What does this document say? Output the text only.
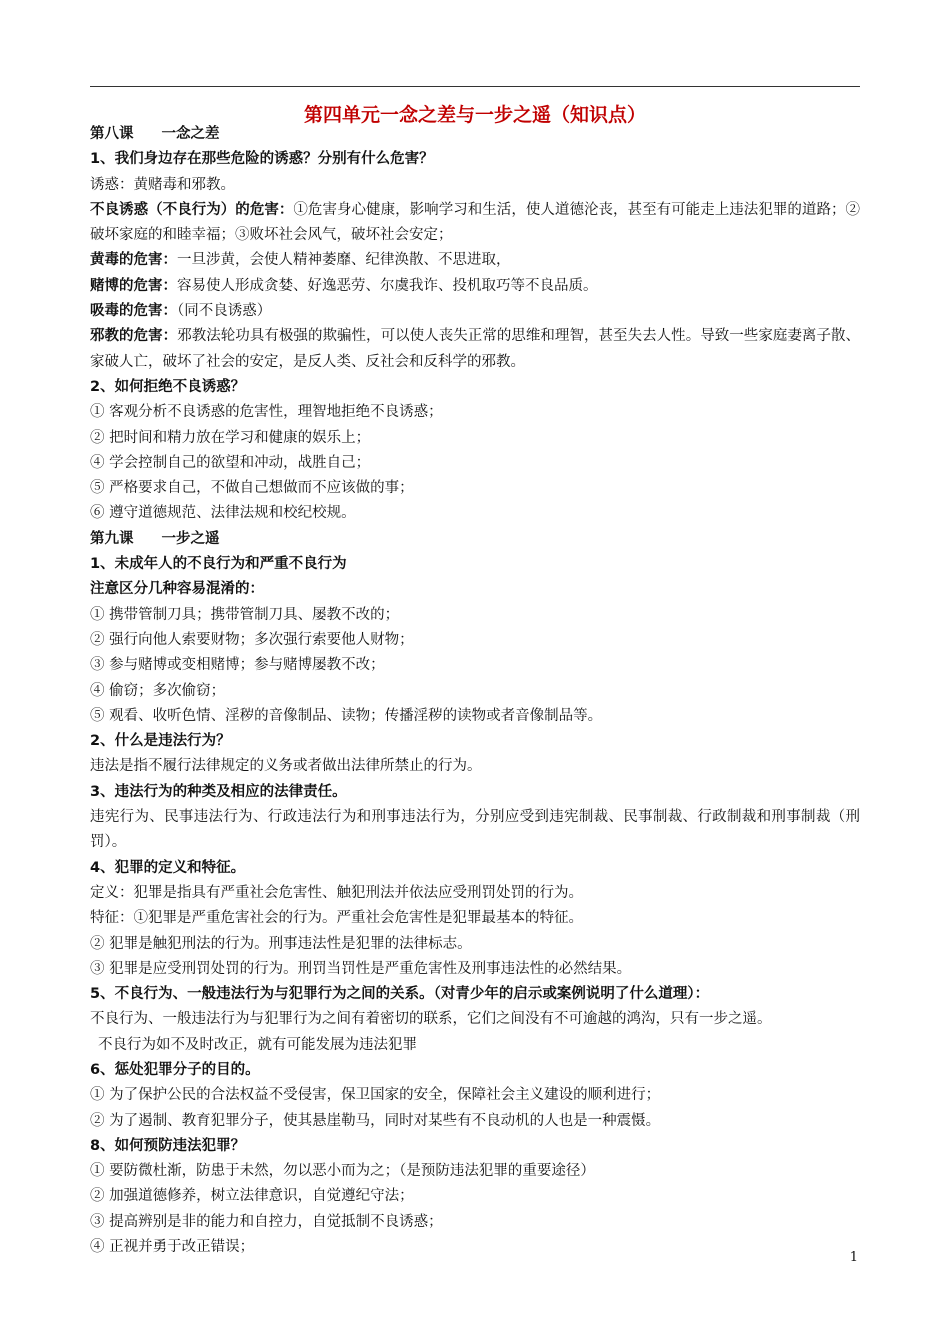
第四单元一念之差与一步之遥（知识点）
第八课 一念之差
1、我们身边存在那些危险的诱惑？分别有什么危害？
诱惑：黄赌毒和邪教。
不良诱惑（不良行为）的危害：①危害身心健康，影响学习和生活，使人道德沦丧，甚至有可能走上违法犯罪的道路；②破坏家庭的和睦幸福；③败坏社会风气，破坏社会安定；
黄毒的危害：一旦涉黄，会使人精神萎靡、纪律涣散、不思进取，
赌博的危害：容易使人形成贪婪、好逸恶劳、尔虞我诈、投机取巧等不良品质。
吸毒的危害：（同不良诱惑）
邪教的危害：邪教法轮功具有极强的欺骗性，可以使人丧失正常的思维和理智，甚至失去人性。导致一些家庭妻离子散、家破人亡，破坏了社会的安定，是反人类、反社会和反科学的邪教。
2、如何拒绝不良诱惑？
① 客观分析不良诱惑的危害性，理智地拒绝不良诱惑；
② 把时间和精力放在学习和健康的娱乐上；
④ 学会控制自己的欲望和冲动，战胜自己；
⑤ 严格要求自己，不做自己想做而不应该做的事；
⑥ 遵守道德规范、法律法规和校纪校规。
第九课 一步之遥
1、未成年人的不良行为和严重不良行为
注意区分几种容易混淆的：
① 携带管制刀具；携带管制刀具、屡教不改的；
② 强行向他人索要财物；多次强行索要他人财物；
③ 参与赌博或变相赌博；参与赌博屡教不改；
④ 偷窃；多次偷窃；
⑤ 观看、收听色情、淫秽的音像制品、读物；传播淫秽的读物或者音像制品等。
2、什么是违法行为？
违法是指不履行法律规定的义务或者做出法律所禁止的行为。
3、违法行为的种类及相应的法律责任。
违宪行为、民事违法行为、行政违法行为和刑事违法行为，分别应受到违宪制裁、民事制裁、行政制裁和刑事制裁（刑罚）。
4、犯罪的定义和特征。
定义：犯罪是指具有严重社会危害性、触犯刑法并依法应受刑罚处罚的行为。
特征：①犯罪是严重危害社会的行为。严重社会危害性是犯罪最基本的特征。
② 犯罪是触犯刑法的行为。刑事违法性是犯罪的法律标志。
③ 犯罪是应受刑罚处罚的行为。刑罚当罚性是严重危害性及刑事违法性的必然结果。
5、不良行为、一般违法行为与犯罪行为之间的关系。（对青少年的启示或案例说明了什么道理）：
不良行为、一般违法行为与犯罪行为之间有着密切的联系，它们之间没有不可逾越的鸿沟，只有一步之遥。
不良行为如不及时改正，就有可能发展为违法犯罪
6、惩处犯罪分子的目的。
① 为了保护公民的合法权益不受侵害，保卫国家的安全，保障社会主义建设的顺利进行；
② 为了遏制、教育犯罪分子，使其悬崖勒马，同时对某些有不良动机的人也是一种震慑。
8、如何预防违法犯罪？
① 要防微杜渐，防患于未然，勿以恶小而为之；（是预防违法犯罪的重要途径）
② 加强道德修养，树立法律意识，自觉遵纪守法；
③ 提高辨别是非的能力和自控力，自觉抵制不良诱惑；
④ 正视并勇于改正错误；
1
